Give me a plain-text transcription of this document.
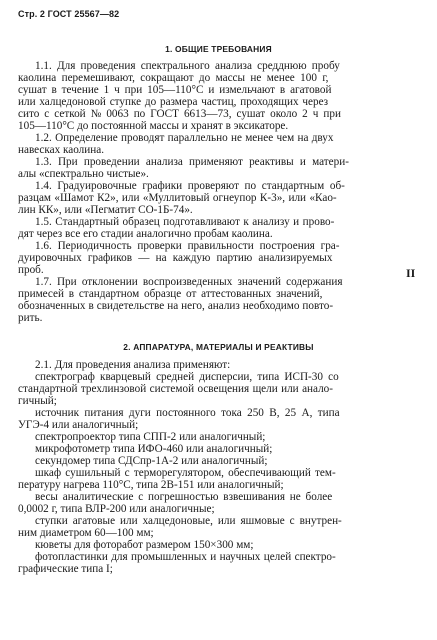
Стр. 2 ГОСТ 25567—82
1. ОБЩИЕ ТРЕБОВАНИЯ
1.1. Для проведения спектрального анализа средднюю пробу
каолина перемешивают, сокращают до массы не менее 100 г,
сушат в течение 1 ч при 105—110°С и измельчают в агатовой
или халцедоновой ступке до размера частиц, проходящих через
сито с сеткой № 0063 по ГОСТ 6613—73, сушат около 2 ч при
105—110°С до постоянной массы и хранят в эксикаторе.
1.2. Определение проводят параллельно не менее чем на двух
навесках каолина.
1.3. При проведении анализа применяют реактивы и матери-
алы «спектрально чистые».
1.4. Градуировочные графики проверяют по стандартным об-
разцам «Шамот К2», или «Муллитовый огнеупор К-3», или «Као-
лин КК», или «Пегматит СО-1Б-74».
1.5. Стандартный образец подготавливают к анализу и прово-
дят через все его стадии аналогично пробам каолина.
1.6. Периодичность проверки правильности построения гра-
дуировочных графиков — на каждую партию анализируемых
проб.
1.7. При отклонении воспроизведенных значений содержания
примесей в стандартном образце от аттестованных значений,
обозначенных в свидетельстве на него, анализ необходимо повто-
рить.
II
2. АППАРАТУРА, МАТЕРИАЛЫ И РЕАКТИВЫ
2.1. Для проведения анализа применяют:
спектрограф кварцевый средней дисперсии, типа ИСП-30 со
стандартной трехлинзовой системой освещения щели или анало-
гичный;
источник питания дуги постоянного тока 250 В, 25 А, типа
УГЭ-4 или аналогичный;
спектропроектор типа СПП-2 или аналогичный;
микрофотометр типа ИФО-460 или аналогичный;
секундомер типа СДСпр-1А-2 или аналогичный;
шкаф сушильный с терморегулятором, обеспечивающий тем-
пературу нагрева 110°С, типа 2В-151 или аналогичный;
весы аналитические с погрешностью взвешивания не более
0,0002 г, типа ВЛР-200 или аналогичные;
ступки агатовые или халцедоновые, или яшмовые с внутрен-
ним диаметром 60—100 мм;
кюветы для фоторабот размером 150×300 мм;
фотопластинки для промышленных и научных целей спектро-
графические типа I;
